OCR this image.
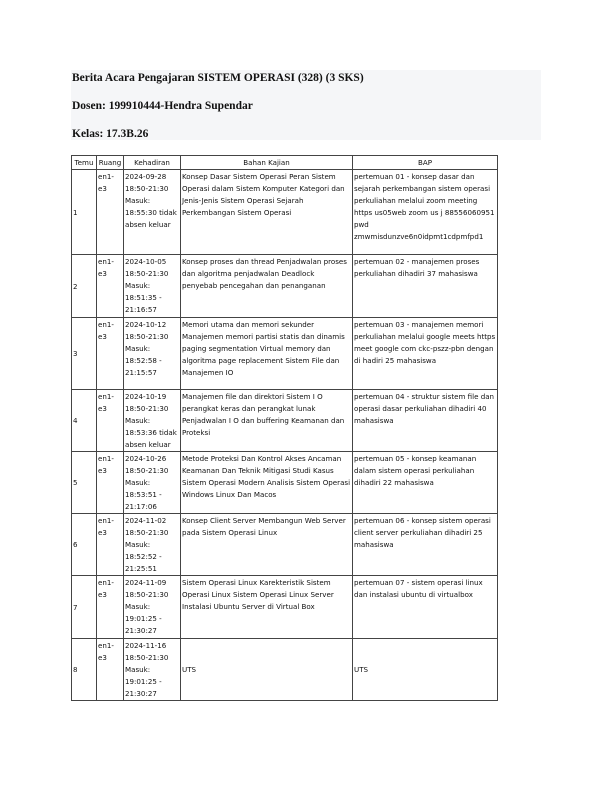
Berita Acara Pengajaran SISTEM OPERASI (328) (3 SKS)

Dosen: 199910444-Hendra Supendar

Kelas: 17.3B.26

Temu	Ruang	Kehadiran	Bahan Kajian	BAP
1	en1-e3	2024-09-28 18:50-21:30 Masuk: 18:55:30 tidak absen keluar	Konsep Dasar Sistem Operasi Peran Sistem Operasi dalam Sistem Komputer Kategori dan Jenis-Jenis Sistem Operasi Sejarah Perkembangan Sistem Operasi	pertemuan 01 - konsep dasar dan sejarah perkembangan sistem operasi perkuliahan melalui zoom meeting https us05web zoom us j 88556060951 pwd zmwmisdunzve6n0idpmt1cdpmfpd1
2	en1-e3	2024-10-05 18:50-21:30 Masuk: 18:51:35 - 21:16:57	Konsep proses dan thread Penjadwalan proses dan algoritma penjadwalan Deadlock penyebab pencegahan dan penanganan	pertemuan 02 - manajemen proses perkuliahan dihadiri 37 mahasiswa
3	en1-e3	2024-10-12 18:50-21:30 Masuk: 18:52:58 - 21:15:57	Memori utama dan memori sekunder Manajemen memori partisi statis dan dinamis paging segmentation Virtual memory dan algoritma page replacement Sistem File dan Manajemen IO	pertemuan 03 - manajemen memori perkuliahan melalui google meets https meet google com ckc-pszz-pbn dengan di hadiri 25 mahasiswa
4	en1-e3	2024-10-19 18:50-21:30 Masuk: 18:53:36 tidak absen keluar	Manajemen file dan direktori Sistem I O perangkat keras dan perangkat lunak Penjadwalan I O dan buffering Keamanan dan Proteksi	pertemuan 04 - struktur sistem file dan operasi dasar perkuliahan dihadiri 40 mahasiswa
5	en1-e3	2024-10-26 18:50-21:30 Masuk: 18:53:51 - 21:17:06	Metode Proteksi Dan Kontrol Akses Ancaman Keamanan Dan Teknik Mitigasi Studi Kasus Sistem Operasi Modern Analisis Sistem Operasi Windows Linux Dan Macos	pertemuan 05 - konsep keamanan dalam sistem operasi perkuliahan dihadiri 22 mahasiswa
6	en1-e3	2024-11-02 18:50-21:30 Masuk: 18:52:52 - 21:25:51	Konsep Client Server Membangun Web Server pada Sistem Operasi Linux	pertemuan 06 - konsep sistem operasi client server perkuliahan dihadiri 25 mahasiswa
7	en1-e3	2024-11-09 18:50-21:30 Masuk: 19:01:25 - 21:30:27	Sistem Operasi Linux Karekteristik Sistem Operasi Linux Sistem Operasi Linux Server Instalasi Ubuntu Server di Virtual Box	pertemuan 07 - sistem operasi linux dan instalasi ubuntu di virtualbox
8	en1-e3	2024-11-16 18:50-21:30 Masuk: 19:01:25 - 21:30:27	UTS	UTS
